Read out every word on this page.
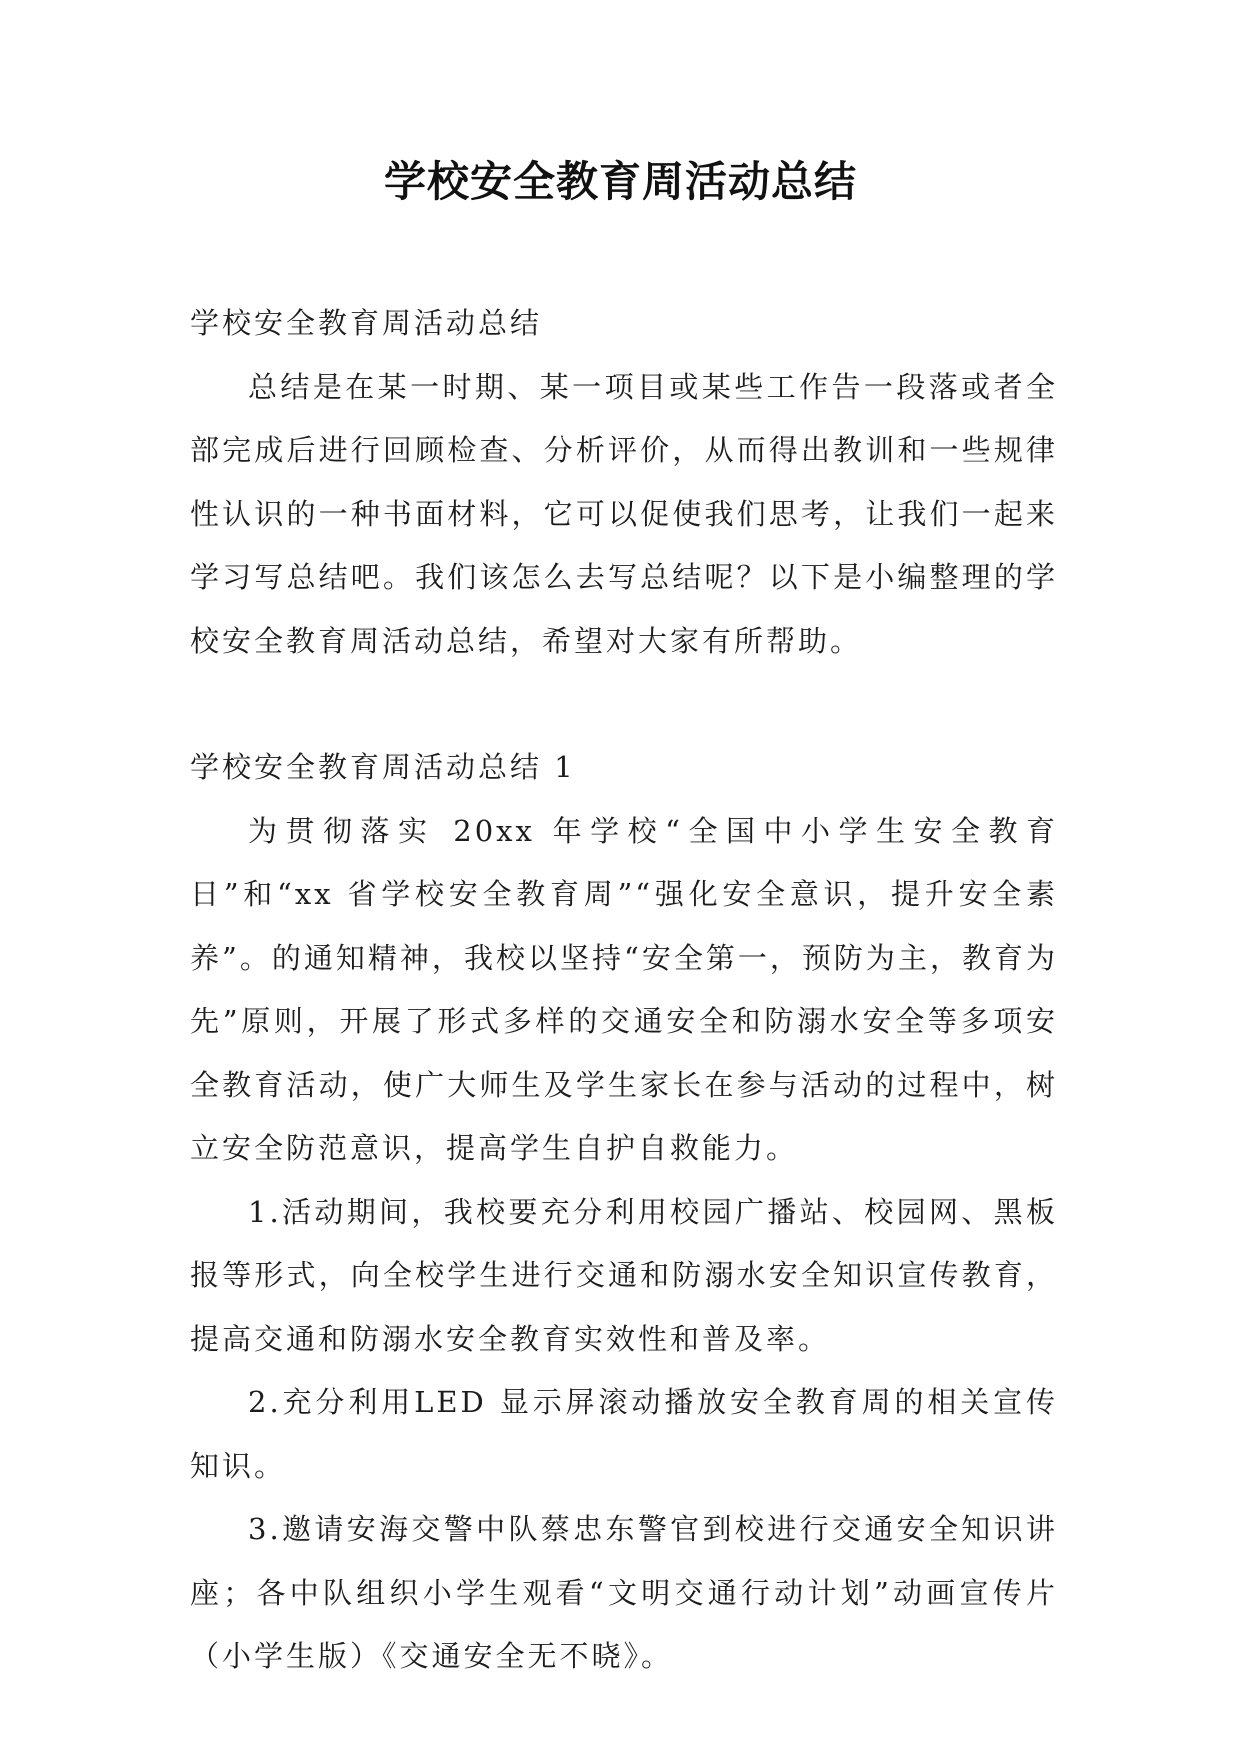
学校安全教育周活动总结

学校安全教育周活动总结

总结是在某一时期、某一项目或某些工作告一段落或者全部完成后进行回顾检查、分析评价，从而得出教训和一些规律性认识的一种书面材料，它可以促使我们思考，让我们一起来学习写总结吧。我们该怎么去写总结呢？以下是小编整理的学校安全教育周活动总结，希望对大家有所帮助。

学校安全教育周活动总结 1

为贯彻落实 20xx 年学校“全国中小学生安全教育日”和“xx 省学校安全教育周”“强化安全意识，提升安全素养”。的通知精神，我校以坚持“安全第一，预防为主，教育为先”原则，开展了形式多样的交通安全和防溺水安全等多项安全教育活动，使广大师生及学生家长在参与活动的过程中，树立安全防范意识，提高学生自护自救能力。

1.活动期间，我校要充分利用校园广播站、校园网、黑板报等形式，向全校学生进行交通和防溺水安全知识宣传教育，提高交通和防溺水安全教育实效性和普及率。

2.充分利用LED 显示屏滚动播放安全教育周的相关宣传知识。

3.邀请安海交警中队蔡忠东警官到校进行交通安全知识讲座；各中队组织小学生观看“文明交通行动计划”动画宣传片（小学生版）《交通安全无不晓》。
